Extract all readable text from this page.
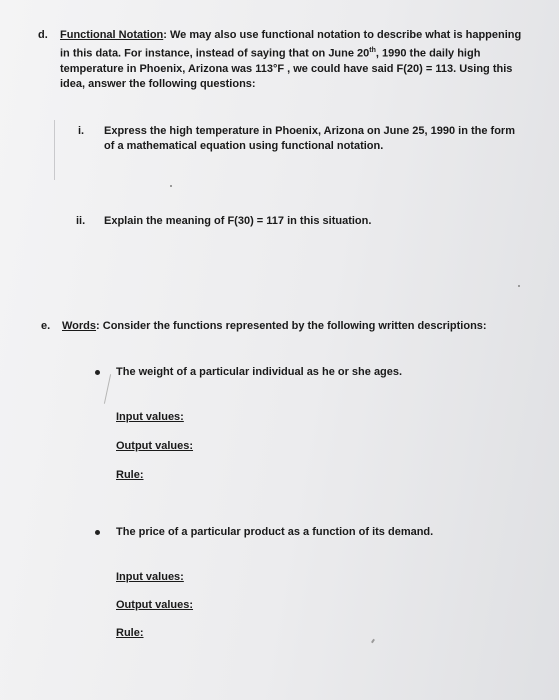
d. Functional Notation: We may also use functional notation to describe what is happening in this data. For instance, instead of saying that on June 20th, 1990 the daily high temperature in Phoenix, Arizona was 113°F , we could have said F(20) = 113. Using this idea, answer the following questions:
i. Express the high temperature in Phoenix, Arizona on June 25, 1990 in the form of a mathematical equation using functional notation.
ii. Explain the meaning of F(30) = 117 in this situation.
e. Words: Consider the functions represented by the following written descriptions:
The weight of a particular individual as he or she ages.
Input values:
Output values:
Rule:
The price of a particular product as a function of its demand.
Input values:
Output values:
Rule:
